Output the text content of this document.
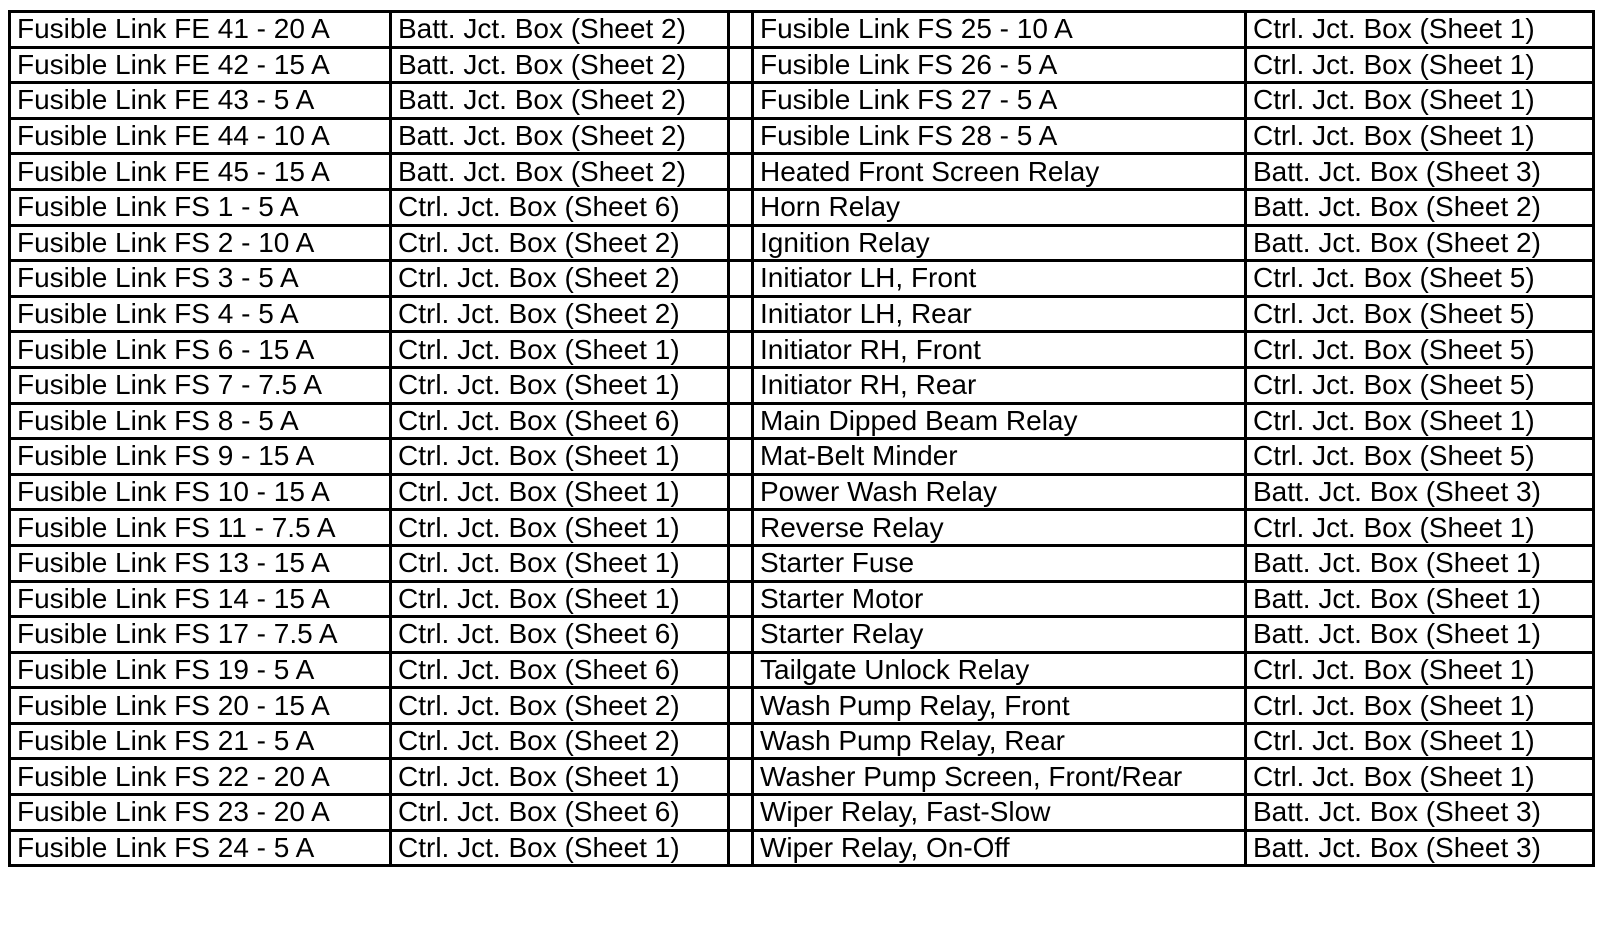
Fusible Link FE 41 - 20 A	Batt. Jct. Box (Sheet 2)		Fusible Link FS 25 - 10 A	Ctrl. Jct. Box (Sheet 1)
Fusible Link FE 42 - 15 A	Batt. Jct. Box (Sheet 2)		Fusible Link FS 26 - 5 A	Ctrl. Jct. Box (Sheet 1)
Fusible Link FE 43 - 5 A	Batt. Jct. Box (Sheet 2)		Fusible Link FS 27 - 5 A	Ctrl. Jct. Box (Sheet 1)
Fusible Link FE 44 - 10 A	Batt. Jct. Box (Sheet 2)		Fusible Link FS 28 - 5 A	Ctrl. Jct. Box (Sheet 1)
Fusible Link FE 45 - 15 A	Batt. Jct. Box (Sheet 2)		Heated Front Screen Relay	Batt. Jct. Box (Sheet 3)
Fusible Link FS 1 - 5 A	Ctrl. Jct. Box (Sheet 6)		Horn Relay	Batt. Jct. Box (Sheet 2)
Fusible Link FS 2 - 10 A	Ctrl. Jct. Box (Sheet 2)		Ignition Relay	Batt. Jct. Box (Sheet 2)
Fusible Link FS 3 - 5 A	Ctrl. Jct. Box (Sheet 2)		Initiator LH, Front	Ctrl. Jct. Box (Sheet 5)
Fusible Link FS 4 - 5 A	Ctrl. Jct. Box (Sheet 2)		Initiator LH, Rear	Ctrl. Jct. Box (Sheet 5)
Fusible Link FS 6 - 15 A	Ctrl. Jct. Box (Sheet 1)		Initiator RH, Front	Ctrl. Jct. Box (Sheet 5)
Fusible Link FS 7 - 7.5 A	Ctrl. Jct. Box (Sheet 1)		Initiator RH, Rear	Ctrl. Jct. Box (Sheet 5)
Fusible Link FS 8 - 5 A	Ctrl. Jct. Box (Sheet 6)		Main Dipped Beam Relay	Ctrl. Jct. Box (Sheet 1)
Fusible Link FS 9 - 15 A	Ctrl. Jct. Box (Sheet 1)		Mat-Belt Minder	Ctrl. Jct. Box (Sheet 5)
Fusible Link FS 10 - 15 A	Ctrl. Jct. Box (Sheet 1)		Power Wash Relay	Batt. Jct. Box (Sheet 3)
Fusible Link FS 11 - 7.5 A	Ctrl. Jct. Box (Sheet 1)		Reverse Relay	Ctrl. Jct. Box (Sheet 1)
Fusible Link FS 13 - 15 A	Ctrl. Jct. Box (Sheet 1)		Starter Fuse	Batt. Jct. Box (Sheet 1)
Fusible Link FS 14 - 15 A	Ctrl. Jct. Box (Sheet 1)		Starter Motor	Batt. Jct. Box (Sheet 1)
Fusible Link FS 17 - 7.5 A	Ctrl. Jct. Box (Sheet 6)		Starter Relay	Batt. Jct. Box (Sheet 1)
Fusible Link FS 19 - 5 A	Ctrl. Jct. Box (Sheet 6)		Tailgate Unlock Relay	Ctrl. Jct. Box (Sheet 1)
Fusible Link FS 20 - 15 A	Ctrl. Jct. Box (Sheet 2)		Wash Pump Relay, Front	Ctrl. Jct. Box (Sheet 1)
Fusible Link FS 21 - 5 A	Ctrl. Jct. Box (Sheet 2)		Wash Pump Relay, Rear	Ctrl. Jct. Box (Sheet 1)
Fusible Link FS 22 - 20 A	Ctrl. Jct. Box (Sheet 1)		Washer Pump Screen, Front/Rear	Ctrl. Jct. Box (Sheet 1)
Fusible Link FS 23 - 20 A	Ctrl. Jct. Box (Sheet 6)		Wiper Relay, Fast-Slow	Batt. Jct. Box (Sheet 3)
Fusible Link FS 24 - 5 A	Ctrl. Jct. Box (Sheet 1)		Wiper Relay, On-Off	Batt. Jct. Box (Sheet 3)
